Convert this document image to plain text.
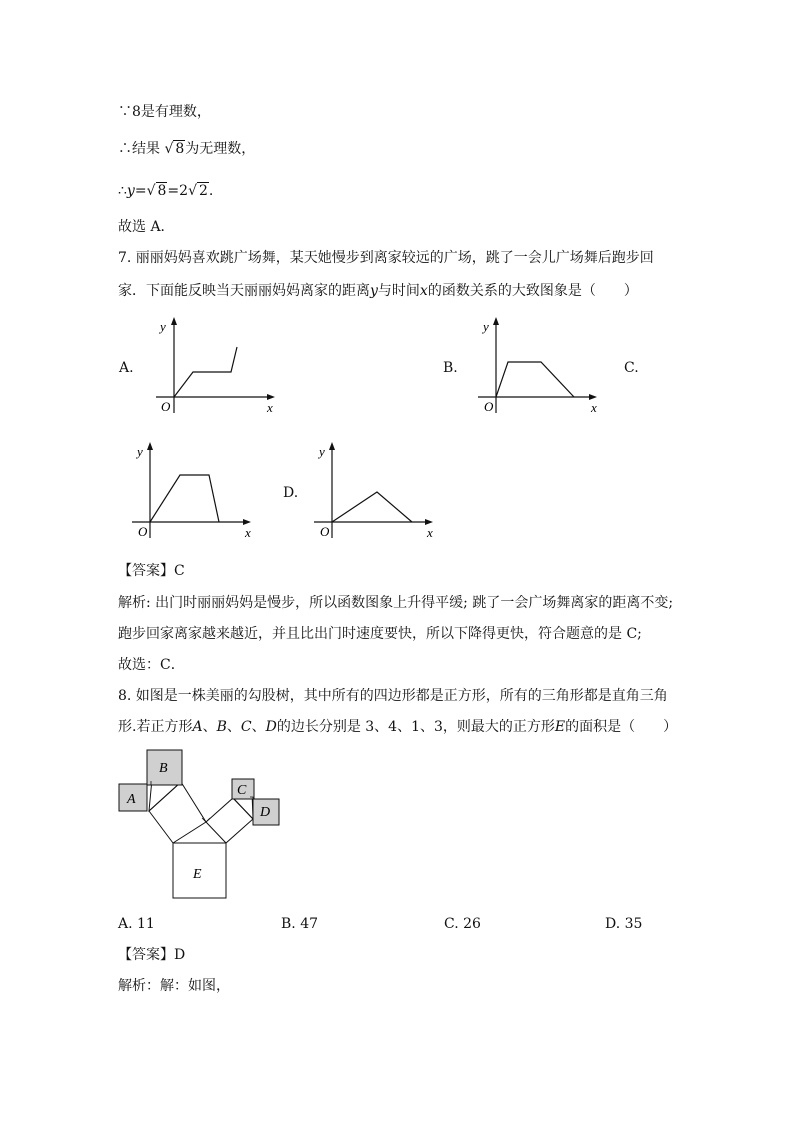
∵8是有理数，
∴结果 √ 8为无理数，
∴y=√ 8=2√ 2.
故选 A．
7. 丽丽妈妈喜欢跳广场舞，某天她慢步到离家较远的广场，跳了一会儿广场舞后跑步回
家．下面能反映当天丽丽妈妈离家的距离y与时间x的函数关系的大致图象是（　　）
A.	B.	C.
D.
y
x
O
y
x
O
y
x
O
y
x
O
【答案】C
解析: 出门时丽丽妈妈是慢步，所以函数图象上升得平缓; 跳了一会广场舞离家的距离不变;
跑步回家离家越来越近，并且比出门时速度要快，所以下降得更快，符合题意的是 C;
故选：C．
8. 如图是一株美丽的勾股树，其中所有的四边形都是正方形，所有的三角形都是直角三角
形.若正方形A、B、C、D的边长分别是 3、4、1、3，则最大的正方形E的面积是（　　）
A
B
C
D
E
A. 11	B. 47	C. 26	D. 35
【答案】D
解析：解：如图，
